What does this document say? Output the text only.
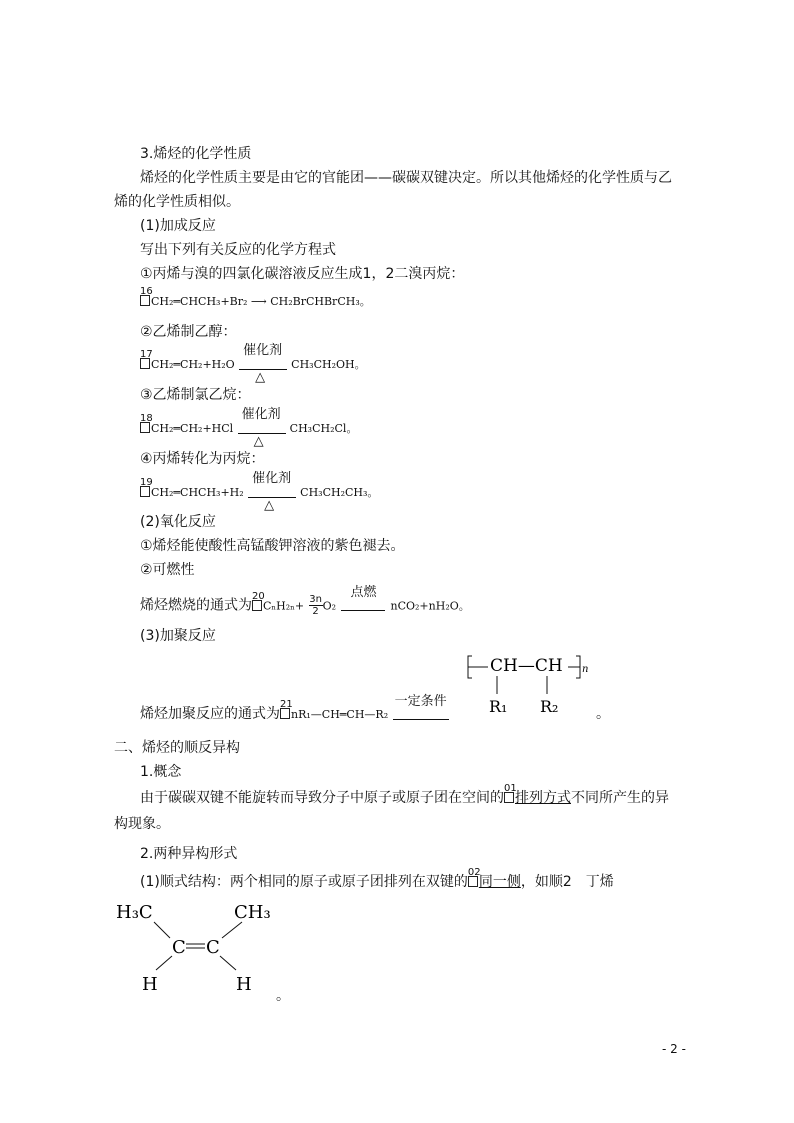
3.烯烃的化学性质
烯烃的化学性质主要是由它的官能团——碳碳双键决定。所以其他烯烃的化学性质与乙
烯的化学性质相似。
(1)加成反应
写出下列有关反应的化学方程式
①丙烯与溴的四氯化碳溶液反应生成1，2二溴丙烷：
16
CH₂═CHCH₃+Br₂ ⟶ CH₂BrCHBrCH₃。
②乙烯制乙醇：
17
CH₂═CH₂+H₂O
催化剂
△
CH₃CH₂OH。
③乙烯制氯乙烷：
18
CH₂═CH₂+HCl
催化剂
△
CH₃CH₂Cl。
④丙烯转化为丙烷：
19
CH₂═CHCH₃+H₂
催化剂
△
CH₃CH₂CH₃。
(2)氧化反应
①烯烃能使酸性高锰酸钾溶液的紫色褪去。
②可燃性
烯烃燃烧的通式为
20
$C_nH_{2n}+ \frac{3n}{2} O_2$
点燃
nCO₂+nH₂O。
(3)加聚反应
烯烃加聚反应的通式为
21
nR₁—CH═CH—R₂
一定条件
CH—CH n
R₁ R₂	。
二、烯烃的顺反异构
1.概念
由于碳碳双键不能旋转而导致分子中原子或原子团在空间的
01
排列方式不同所产生的异
构现象。
2.两种异构形式
(1)顺式结构：两个相同的原子或原子团排列在双键的
02
同一侧，如顺2　丁烯
H₃C	CH₃
C C
H	H
。
- 2 -
